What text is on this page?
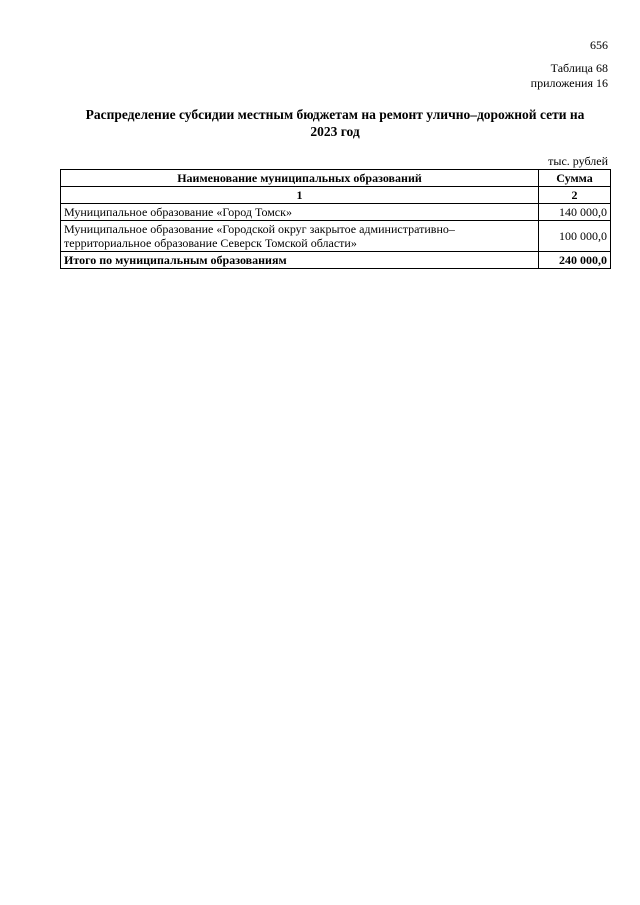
656
Таблица 68
приложения 16
Распределение субсидии местным бюджетам на ремонт улично–дорожной сети на
2023 год
тыс. рублей
Наименование муниципальных образований	Сумма
1	2
Муниципальное образование «Город Томск»	140 000,0

Муниципальное образование «Городской округ закрытое административно–
территориальное образование Северск Томской области»	100 000,0
Итого по муниципальным образованиям	240 000,0
